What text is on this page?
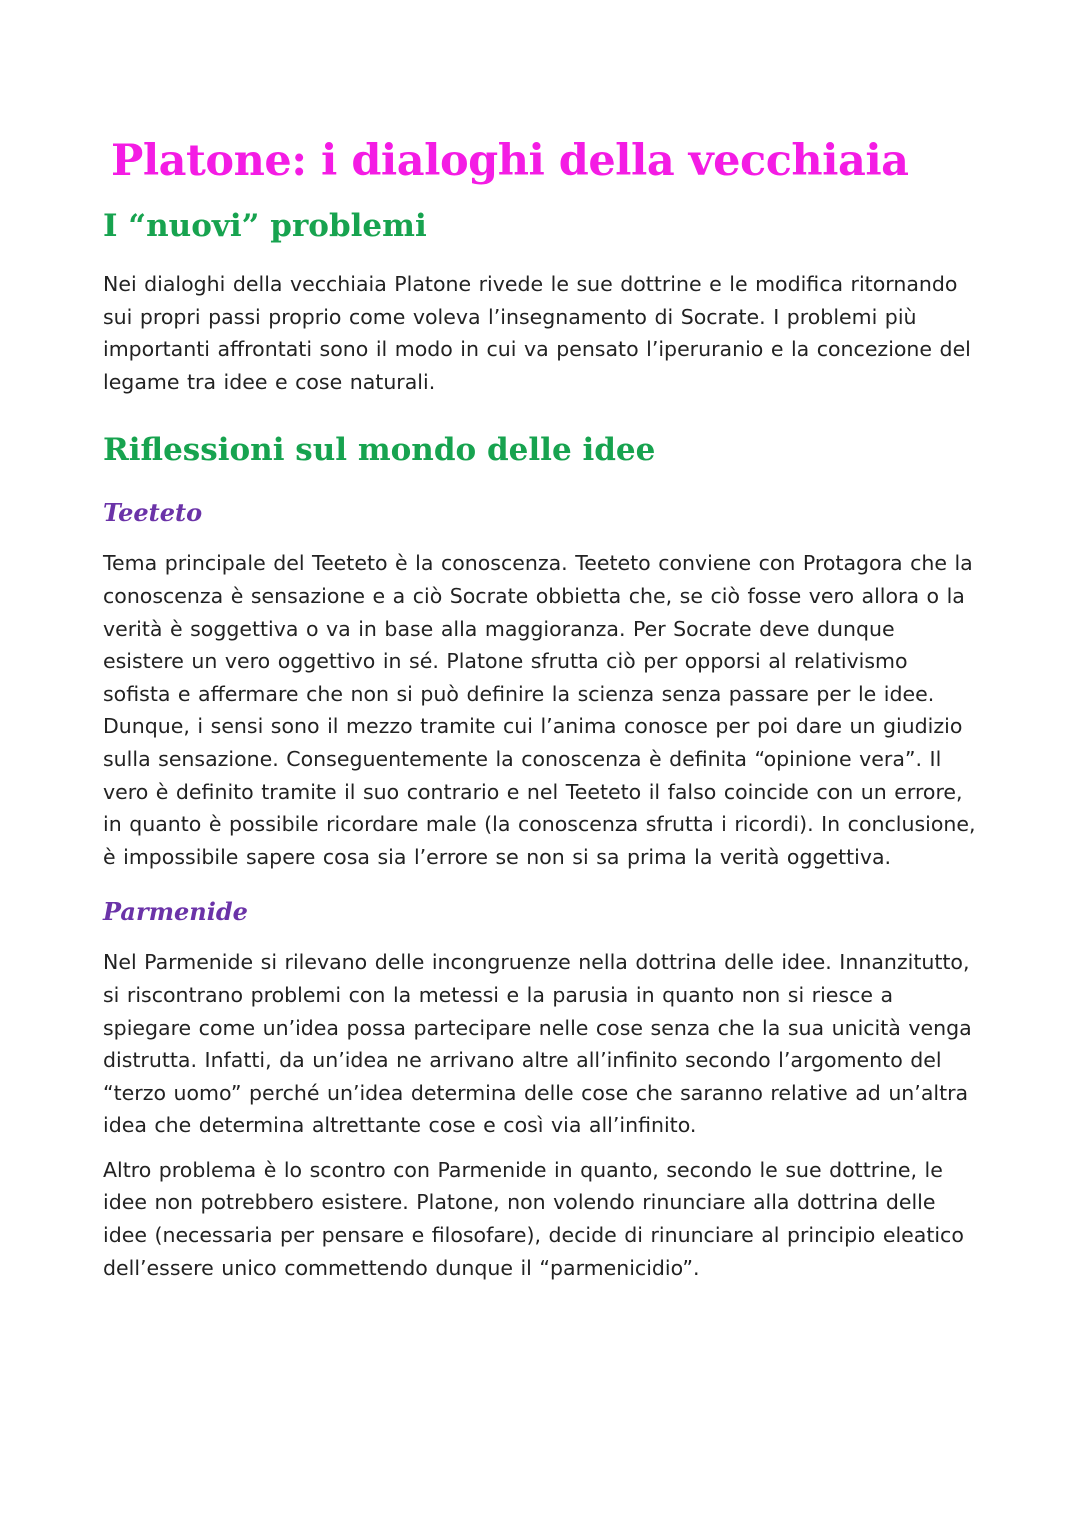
Platone: i dialoghi della vecchiaia
I “nuovi” problemi

Nei dialoghi della vecchiaia Platone rivede le sue dottrine e le modifica ritornando sui propri passi proprio come voleva l’insegnamento di Socrate. I problemi più importanti affrontati sono il modo in cui va pensato l’iperuranio e la concezione del legame tra idee e cose naturali.

Riflessioni sul mondo delle idee
Teeteto

Tema principale del Teeteto è la conoscenza. Teeteto conviene con Protagora che la conoscenza è sensazione e a ciò Socrate obbietta che, se ciò fosse vero allora o la verità è soggettiva o va in base alla maggioranza. Per Socrate deve dunque esistere un vero oggettivo in sé. Platone sfrutta ciò per opporsi al relativismo sofista e affermare che non si può definire la scienza senza passare per le idee. Dunque, i sensi sono il mezzo tramite cui l’anima conosce per poi dare un giudizio sulla sensazione. Conseguentemente la conoscenza è definita “opinione vera”. Il vero è definito tramite il suo contrario e nel Teeteto il falso coincide con un errore, in quanto è possibile ricordare male (la conoscenza sfrutta i ricordi). In conclusione, è impossibile sapere cosa sia l’errore se non si sa prima la verità oggettiva.

Parmenide

Nel Parmenide si rilevano delle incongruenze nella dottrina delle idee. Innanzitutto, si riscontrano problemi con la metessi e la parusia in quanto non si riesce a spiegare come un’idea possa partecipare nelle cose senza che la sua unicità venga distrutta. Infatti, da un’idea ne arrivano altre all’infinito secondo l’argomento del “terzo uomo” perché un’idea determina delle cose che saranno relative ad un’altra idea che determina altrettante cose e così via all’infinito.

Altro problema è lo scontro con Parmenide in quanto, secondo le sue dottrine, le idee non potrebbero esistere. Platone, non volendo rinunciare alla dottrina delle idee (necessaria per pensare e filosofare), decide di rinunciare al principio eleatico dell’essere unico commettendo dunque il “parmenicidio”.
